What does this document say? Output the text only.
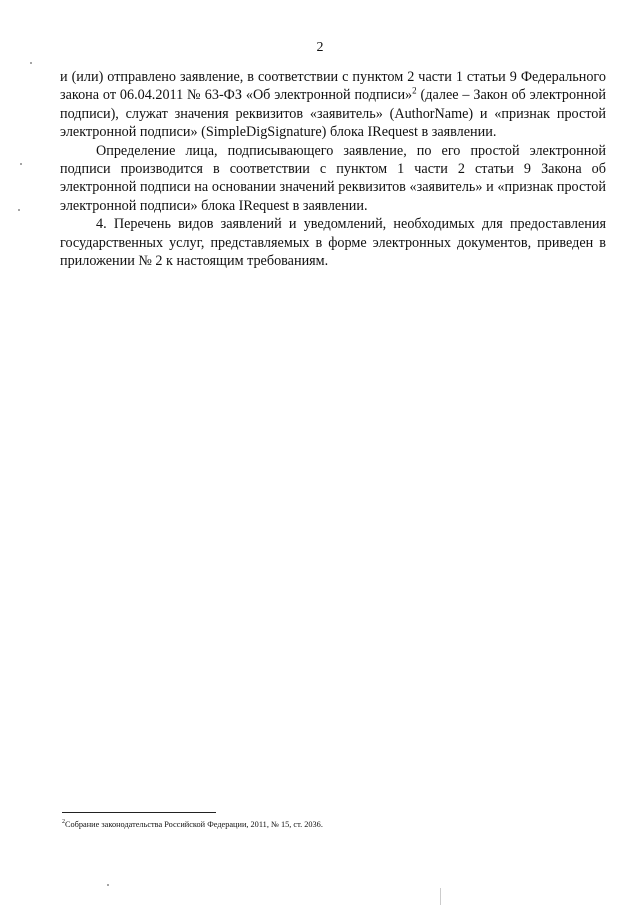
2

и (или) отправлено заявление, в соответствии с пунктом 2 части 1 статьи 9 Федерального закона от 06.04.2011 № 63-ФЗ «Об электронной подписи»$^2$ (далее – Закон об электронной подписи), служат значения реквизитов «заявитель» (AuthorName) и «признак простой электронной подписи» (SimpleDigSignature) блока IRequest в заявлении.

Определение лица, подписывающего заявление, по его простой электронной подписи производится в соответствии с пунктом 1 части 2 статьи 9 Закона об электронной подписи на основании значений реквизитов «заявитель» и «признак простой электронной подписи» блока IRequest в заявлении.

4. Перечень видов заявлений и уведомлений, необходимых для предоставления государственных услуг, представляемых в форме электронных документов, приведен в приложении № 2 к настоящим требованиям.

$^2$Собрание законодательства Российской Федерации, 2011, № 15, ст. 2036.
